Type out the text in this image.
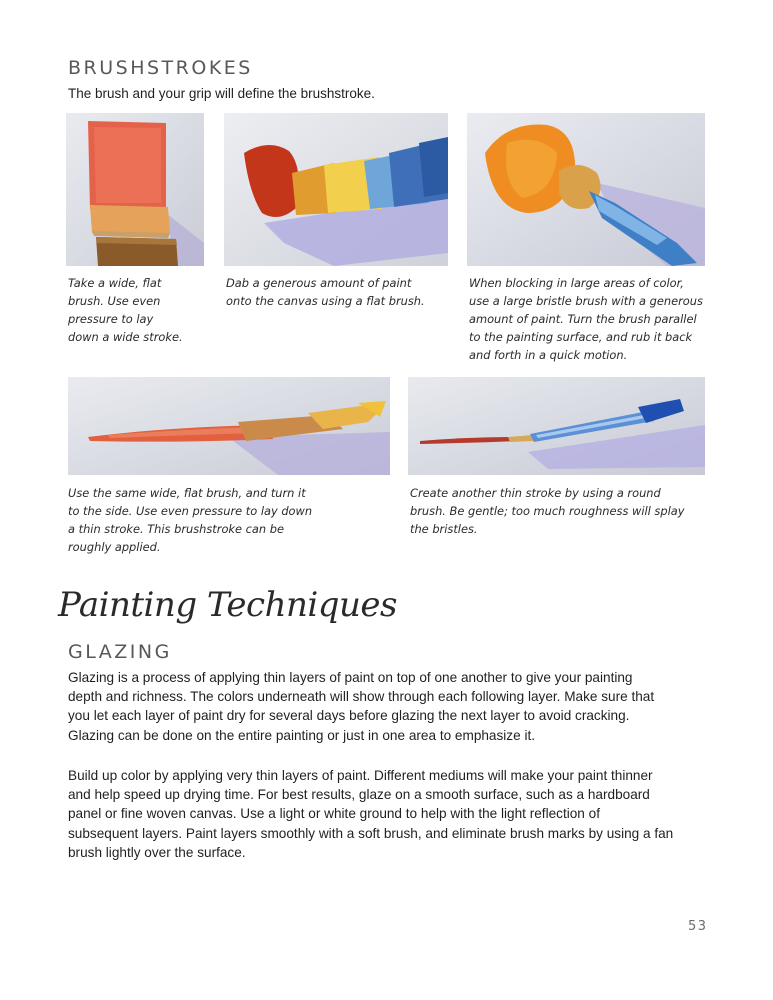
BRUSHSTROKES
The brush and your grip will define the brushstroke.
Take a wide, flat
brush. Use even
pressure to lay
down a wide stroke.
Dab a generous amount of paint
onto the canvas using a flat brush.
When blocking in large areas of color,
use a large bristle brush with a generous
amount of paint. Turn the brush parallel
to the painting surface, and rub it back
and forth in a quick motion.
Use the same wide, flat brush, and turn it
to the side. Use even pressure to lay down
a thin stroke. This brushstroke can be
roughly applied.
Create another thin stroke by using a round
brush. Be gentle; too much roughness will splay
the bristles.
Painting Techniques
GLAZING
Glazing is a process of applying thin layers of paint on top of one another to give your painting
depth and richness. The colors underneath will show through each following layer. Make sure that
you let each layer of paint dry for several days before glazing the next layer to avoid cracking.
Glazing can be done on the entire painting or just in one area to emphasize it.
Build up color by applying very thin layers of paint. Different mediums will make your paint thinner
and help speed up drying time. For best results, glaze on a smooth surface, such as a hardboard
panel or fine woven canvas. Use a light or white ground to help with the light reflection of
subsequent layers. Paint layers smoothly with a soft brush, and eliminate brush marks by using a fan
brush lightly over the surface.
53
